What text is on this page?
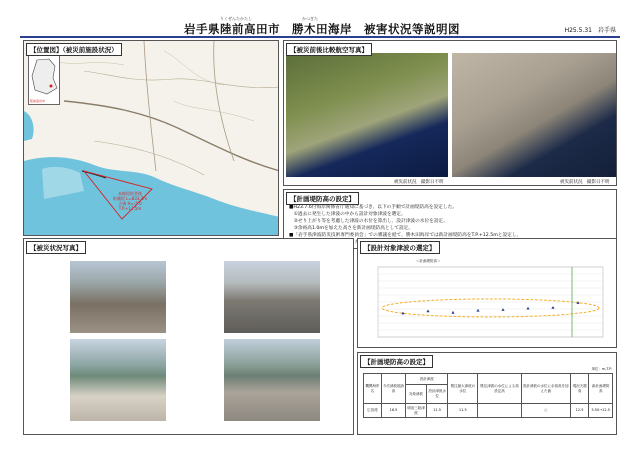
りくぜんたかたし	かつぎた
岩手県陸前高田市　勝木田海岸　被害状況等説明図	H25.5.31　岩手県
【位置図】（被災前施設状況）
陸前高田市
本線堤防背後
防潮堤 L=833.3m
天端 H=-5.0
T.P.+12.5m
【被災前後比較航空写真】
被災前状況　撮影日不明	被災前状況　撮影日不明
【計画堤防高の設定】
■H23.7.6付海岸関係省庁通知に基づき、以下の手順で計画堤防高を設定した。
　①過去に発生した津波の中から設計対象津波を選定。
　②せり上がり等を考慮した津波の水位を算出し、設計津波の水位を設定。
　③余裕高1.0mを加えた高さを新計画堤防高として設定。
■「岩手県津波防災技術専門委員会」での審議を経て、勝木田海岸では新計画堤防高をT.P.+12.5mと設定し、
【被災状況写真】	【設計対象津波の選定】
＜計画堤防高＞
【計画堤防高の設定】
単位：m,T.P.
機関海岸名	今次津波痕跡高	設計津波		既往最大津波の水位	既往津波の水位による再設定高	設計津波の水位に余裕高を加えた値	現況天端高	新計画堤防高
		対象津波	設計津波水位					
広田湾	16.5	明治三陸津波	11.5	11.5		○	12.5	5.50→12.5
